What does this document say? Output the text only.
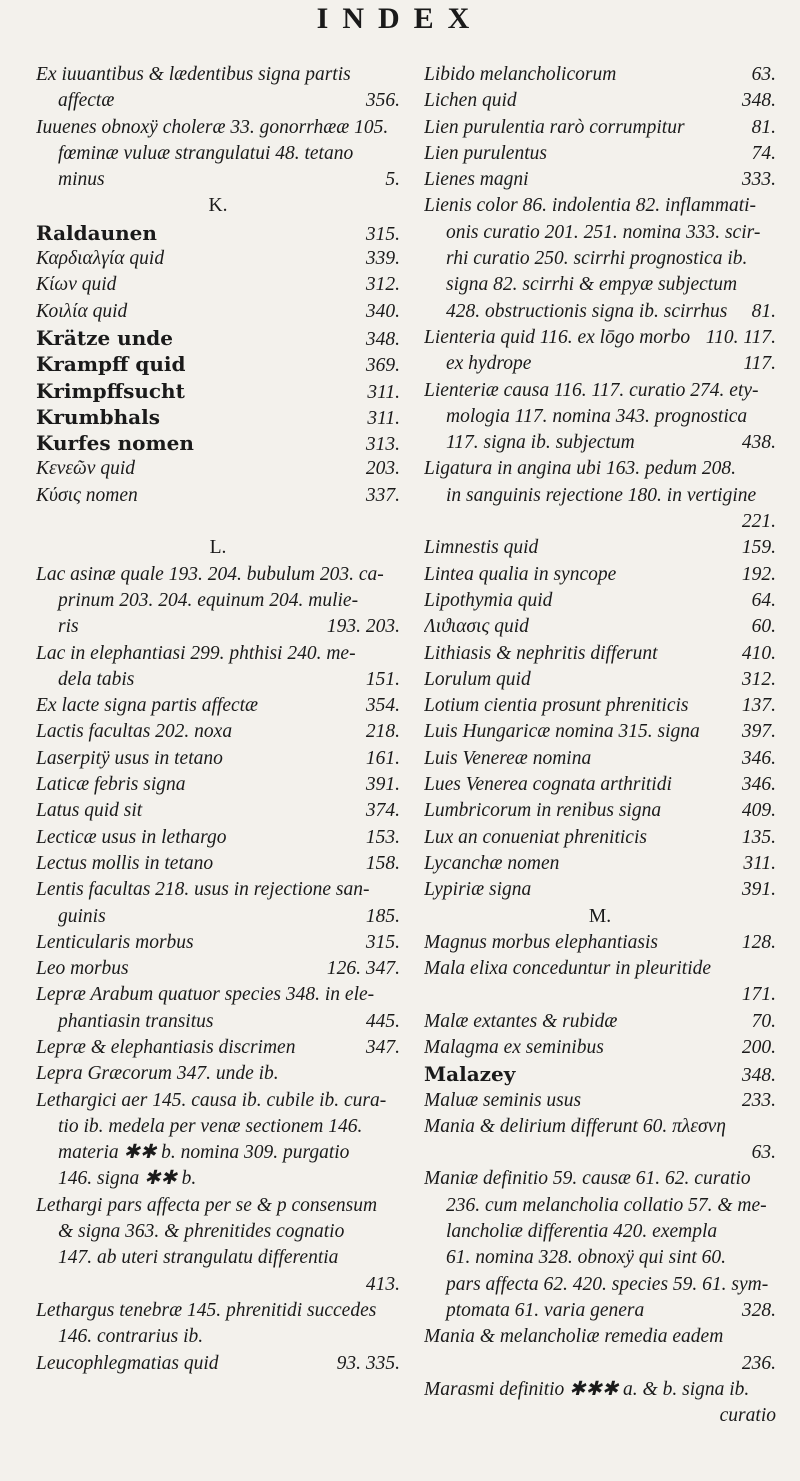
INDEX
Ex iuuantibus & lædentibus signa partis
affectæ	356.
Iuuenes obnoxÿ choleræ 33. gonorrhææ 105.
fœminæ vuluæ strangulatui 48. tetano
minus	5.
K.
Raldaunen	315.
Καρδιαλγία quid	339.
Κίων quid	312.
Κοιλία quid	340.
Krätze unde	348.
Krampff quid	369.
Krimpffsucht	311.
Krumbhals	311.
Kurfes nomen	313.
Κενεῶν quid	203.
Κύσις nomen	337.
L.
Lac asinæ quale 193. 204. bubulum 203. ca-
prinum 203. 204. equinum 204. mulie-
ris	193. 203.
Lac in elephantiasi 299. phthisi 240. me-
dela tabis	151.
Ex lacte signa partis affectæ	354.
Lactis facultas 202. noxa	218.
Laserpitÿ usus in tetano	161.
Laticæ febris signa	391.
Latus quid sit	374.
Lecticæ usus in lethargo	153.
Lectus mollis in tetano	158.
Lentis facultas 218. usus in rejectione san-
guinis	185.
Lenticularis morbus	315.
Leo morbus	126. 347.
Lepræ Arabum quatuor species 348. in ele-
phantiasin transitus	445.
Lepræ & elephantiasis discrimen	347.
Lepra Græcorum 347. unde ib.
Lethargici aer 145. causa ib. cubile ib. cura-
tio ib. medela per venæ sectionem 146.
materia ✱✱ b. nomina 309. purgatio
146. signa ✱✱ b.
Lethargi pars affecta per se & p consensum
& signa 363. & phrenitides cognatio
147. ab uteri strangulatu differentia
413.
Lethargus tenebræ 145. phrenitidi succedes
146. contrarius ib.
Leucophlegmatias quid	93. 335.
Libido melancholicorum	63.
Lichen quid	348.
Lien purulentia rarò corrumpitur	81.
Lien purulentus	74.
Lienes magni	333.
Lienis color 86. indolentia 82. inflammati-
onis curatio 201. 251. nomina 333. scir-
rhi curatio 250. scirrhi prognostica ib.
signa 82. scirrhi & empyæ subjectum
428. obstructionis signa ib. scirrhus	81.
Lienteria quid 116. ex lōgo morbo 110. 117.
ex hydrope	117.
Lienteriæ causa 116. 117. curatio 274. ety-
mologia 117. nomina 343. prognostica
117. signa ib. subjectum	438.
Ligatura in angina ubi 163. pedum 208.
in sanguinis rejectione 180. in vertigine
221.
Limnestis quid	159.
Lintea qualia in syncope	192.
Lipothymia quid	64.
Λιϑιασις quid	60.
Lithiasis & nephritis differunt	410.
Lorulum quid	312.
Lotium cientia prosunt phreniticis	137.
Luis Hungaricæ nomina 315. signa	397.
Luis Venereæ nomina	346.
Lues Venerea cognata arthritidi	346.
Lumbricorum in renibus signa	409.
Lux an conueniat phreniticis	135.
Lycanchæ nomen	311.
Lypiriæ signa	391.
M.
Magnus morbus elephantiasis	128.
Mala elixa conceduntur in pleuritide
171.
Malæ extantes & rubidæ	70.
Malagma ex seminibus	200.
Malazey	348.
Maluæ seminis usus	233.
Mania & delirium differunt 60. πλεσνη
63.
Maniæ definitio 59. causæ 61. 62. curatio
236. cum melancholia collatio 57. & me-
lancholiæ differentia 420. exempla
61. nomina 328. obnoxÿ qui sint 60.
pars affecta 62. 420. species 59. 61. sym-
ptomata 61. varia genera	328.
Mania & melancholiæ remedia eadem
236.
Marasmi definitio ✱✱✱ a. & b. signa ib.
curatio
